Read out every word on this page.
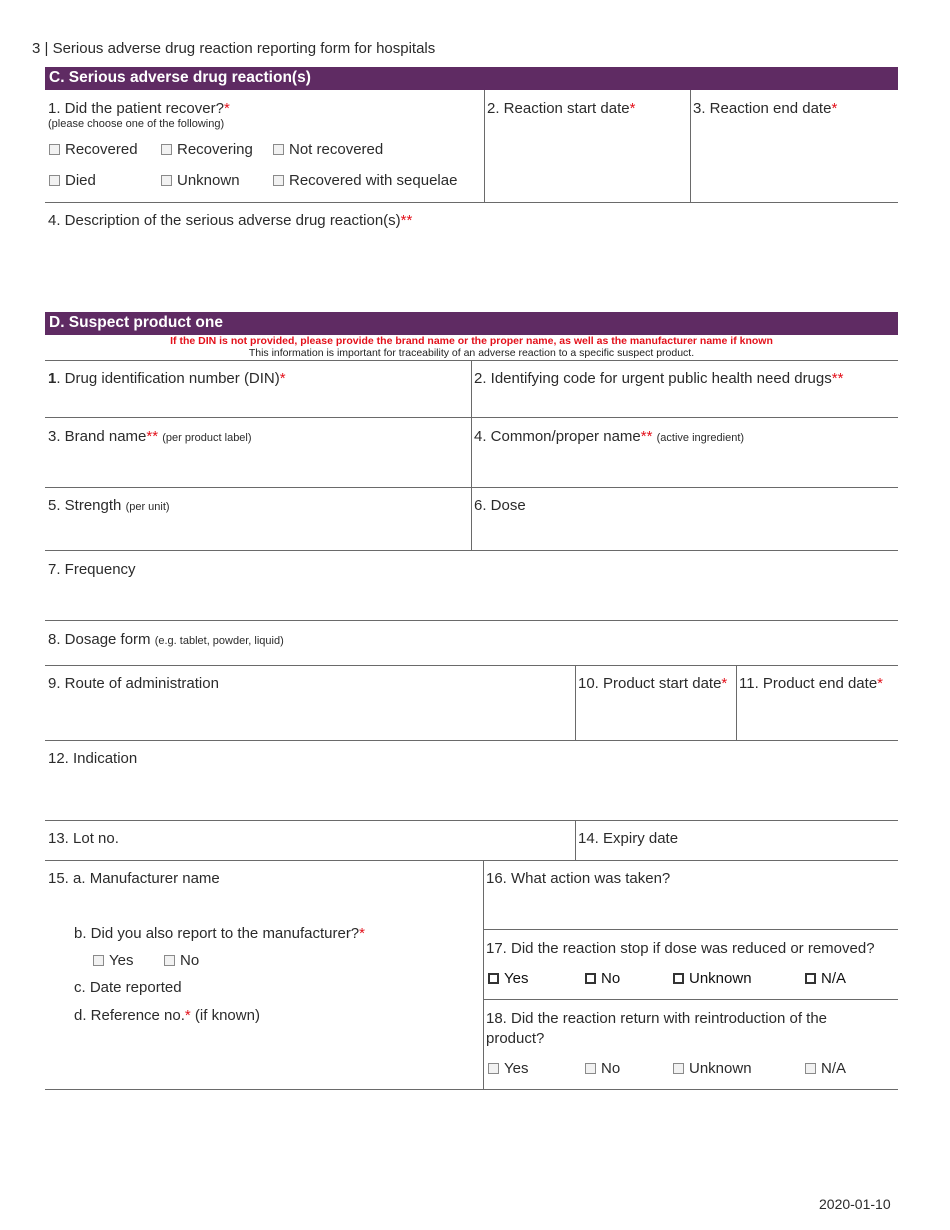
3 | Serious adverse drug reaction reporting form for hospitals
C. Serious adverse drug reaction(s)
1. Did the patient recover?*
(please choose one of the following)
Recovered	Recovering	Not recovered
Died	Unknown	Recovered with sequelae
2. Reaction start date*	3. Reaction end date*
4. Description of the serious adverse drug reaction(s)**
D. Suspect product one
If the DIN is not provided, please provide the brand name or the proper name, as well as the manufacturer name if known
This information is important for traceability of an adverse reaction to a specific suspect product.
1. Drug identification number (DIN)*	2. Identifying code for urgent public health need drugs**
3. Brand name** (per product label)	4. Common/proper name** (active ingredient)
5. Strength (per unit)	6. Dose
7. Frequency
8. Dosage form (e.g. tablet, powder, liquid)
9. Route of administration	10. Product start date* 11. Product end date*
12. Indication
13. Lot no.	14. Expiry date
15. a. Manufacturer name
b. Did you also report to the manufacturer?*
Yes	No
c. Date reported
d. Reference no.* (if known)
16. What action was taken?
17. Did the reaction stop if dose was reduced or removed?
Yes	No	Unknown	N/A
18. Did the reaction return with reintroduction of the
product?
Yes	No	Unknown	N/A
2020-01-10
